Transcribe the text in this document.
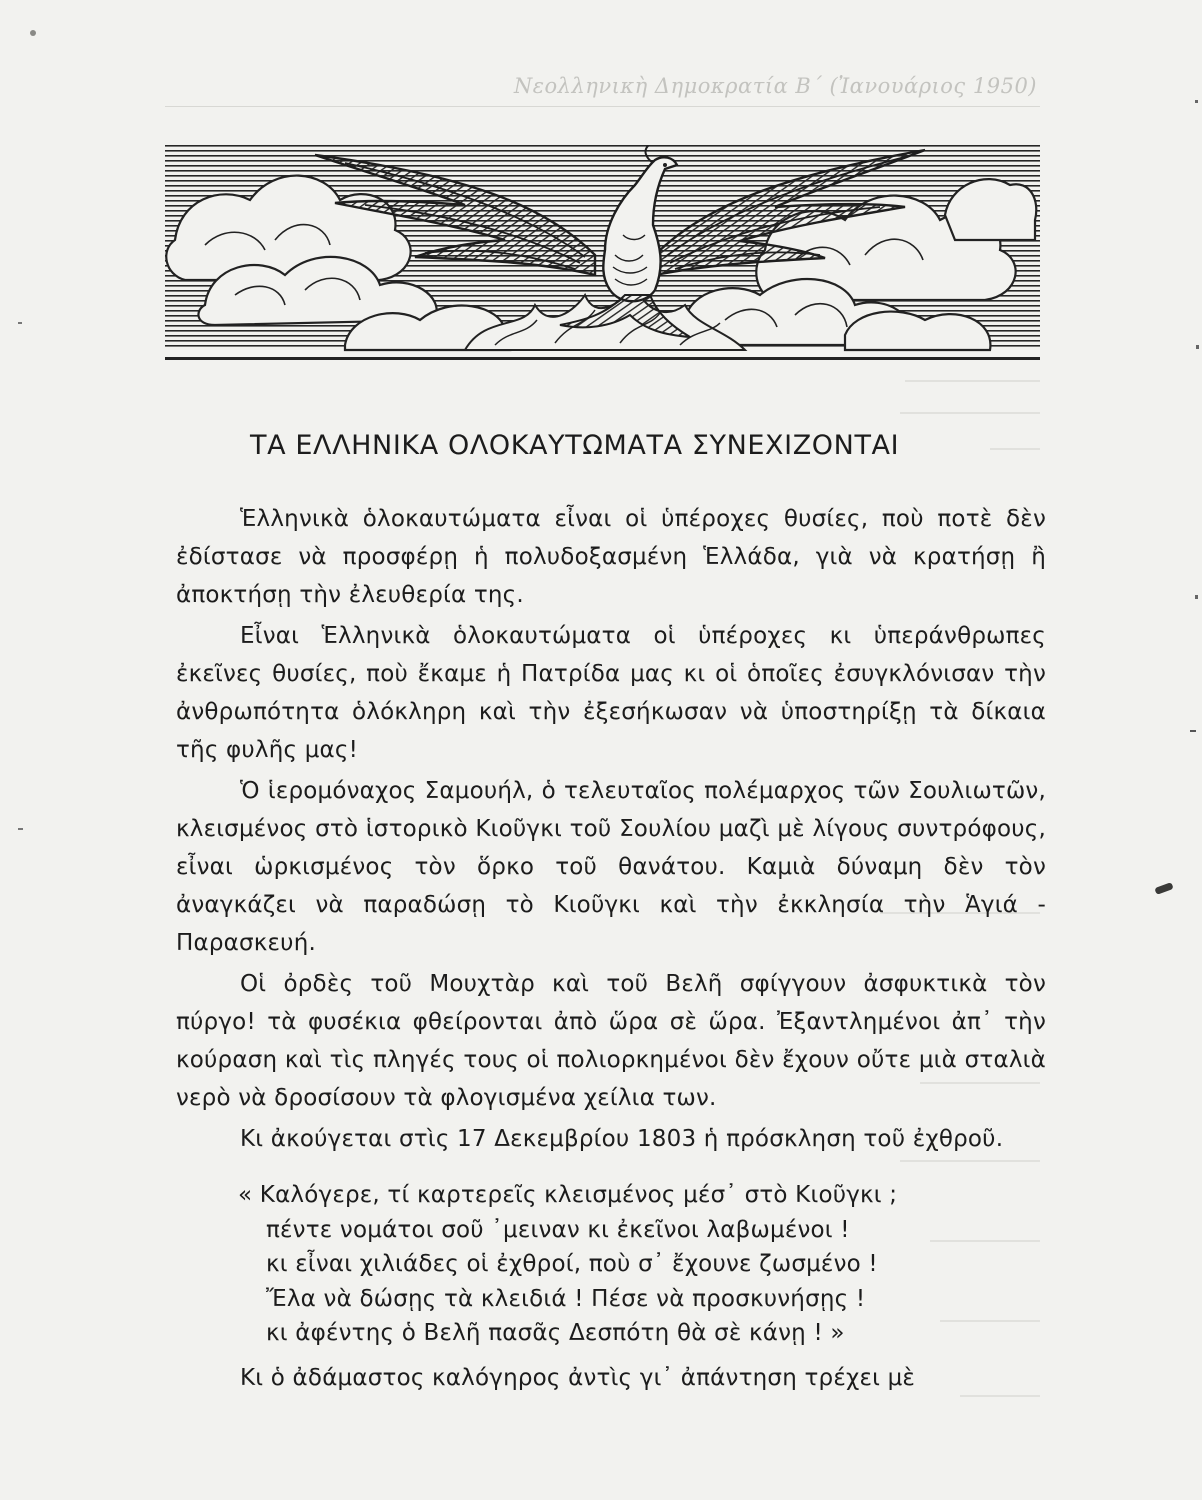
Νεολληνικὴ Δημοκρατία Β΄ (Ἰανουάριος 1950)
ΤΑ ΕΛΛΗΝΙΚΑ ΟΛΟΚΑΥΤΩΜΑΤΑ ΣΥΝΕΧΙΖΟΝΤΑΙ

Ἑλληνικὰ ὁλοκαυτώματα εἶναι οἱ ὑπέροχες θυσίες, ποὺ ποτὲ δὲν ἐδίστασε νὰ προσφέρῃ ἡ πολυδοξασμένη Ἑλλάδα, γιὰ νὰ κρατήσῃ ἢ ἀποκτήσῃ τὴν ἐλευθερία της.

Εἶναι Ἑλληνικὰ ὁλοκαυτώματα οἱ ὑπέροχες κι ὑπεράνθρωπες ἐκεῖνες θυσίες, ποὺ ἔκαμε ἡ Πατρίδα μας κι οἱ ὁποῖες ἐσυγκλόνισαν τὴν ἀνθρωπότητα ὁλόκληρη καὶ τὴν ἐξεσήκωσαν νὰ ὑποστηρίξῃ τὰ δίκαια τῆς φυλῆς μας!

Ὁ ἱερομόναχος Σαμουήλ, ὁ τελευταῖος πολέμαρχος τῶν Σουλιωτῶν, κλεισμένος στὸ ἱστορικὸ Κιοῦγκι τοῦ Σουλίου μαζὶ μὲ λίγους συντρόφους, εἶναι ὡρκισμένος τὸν ὅρκο τοῦ θανάτου. Καμιὰ δύναμη δὲν τὸν ἀναγκάζει νὰ παραδώσῃ τὸ Κιοῦγκι καὶ τὴν ἐκκλησία τὴν Ἁγιά - Παρασκευή.

Οἱ ὀρδὲς τοῦ Μουχτὰρ καὶ τοῦ Βελῆ σφίγγουν ἀσφυκτικὰ τὸν πύργο! τὰ φυσέκια φθείρονται ἀπὸ ὥρα σὲ ὥρα. Ἐξαντλημένοι ἀπ᾽ τὴν κούραση καὶ τὶς πληγές τους οἱ πολιορκημένοι δὲν ἔχουν οὔτε μιὰ σταλιὰ νερὸ νὰ δροσίσουν τὰ φλογισμένα χείλια των.

Κι ἀκούγεται στὶς 17 Δεκεμβρίου 1803 ἡ πρόσκληση τοῦ ἐχθροῦ.

« Καλόγερε, τί καρτερεῖς κλεισμένος μέσ᾽ στὸ Κιοῦγκι ;
πέντε νομάτοι σοῦ ᾽μειναν κι ἐκεῖνοι λαβωμένοι !
κι εἶναι χιλιάδες οἱ ἐχθροί, ποὺ σ᾽ ἔχουνε ζωσμένο !
Ἔλα νὰ δώσῃς τὰ κλειδιά ! Πέσε νὰ προσκυνήσῃς !
κι ἀφέντης ὁ Βελῆ πασᾶς Δεσπότη θὰ σὲ κάνῃ ! »

Κι ὁ ἀδάμαστος καλόγηρος ἀντὶς γι᾽ ἀπάντηση τρέχει μὲ
